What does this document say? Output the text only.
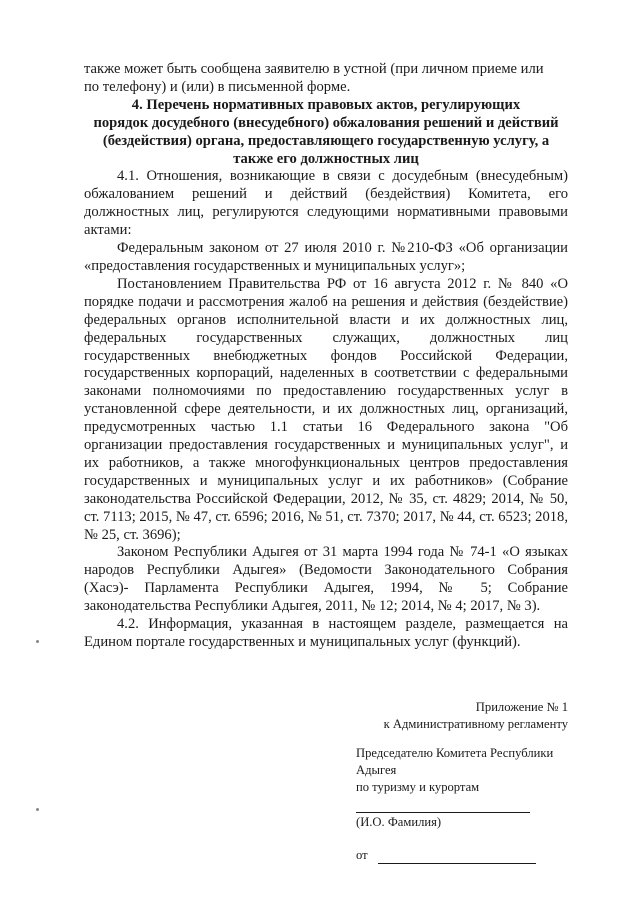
также может быть сообщена заявителю в устной (при личном приеме или
по телефону) и (или) в письменной форме.

4. Перечень нормативных правовых актов, регулирующих
порядок досудебного (внесудебного) обжалования решений и действий
(бездействия) органа, предоставляющего государственную услугу, а
также его должностных лиц

4.1. Отношения, возникающие в связи с досудебным (внесудебным) обжалованием решений и действий (бездействия) Комитета, его должностных лиц, регулируются следующими нормативными правовыми актами:

Федеральным законом от 27 июля 2010 г. №210-ФЗ «Об организации «предоставления государственных и муниципальных услуг»;

Постановлением Правительства РФ от 16 августа 2012 г. № 840 «О порядке подачи и рассмотрения жалоб на решения и действия (бездействие) федеральных органов исполнительной власти и их должностных лиц, федеральных государственных служащих, должностных лиц государственных внебюджетных фондов Российской Федерации, государственных корпораций, наделенных в соответствии с федеральными законами полномочиями по предоставлению государственных услуг в установленной сфере деятельности, и их должностных лиц, организаций, предусмотренных частью 1.1 статьи 16 Федерального закона "Об организации предоставления государственных и муниципальных услуг", и их работников, а также многофункциональных центров предоставления государственных и муниципальных услуг и их работников» (Собрание законодательства Российской Федерации, 2012, № 35, ст. 4829; 2014, № 50, ст. 7113; 2015, № 47, ст. 6596; 2016, № 51, ст. 7370; 2017, № 44, ст. 6523; 2018, № 25, ст. 3696);

Законом Республики Адыгея от 31 марта 1994 года № 74-1 «О языках народов Республики Адыгея» (Ведомости Законодательного Собрания (Хасэ)- Парламента Республики Адыгея, 1994, № 5; Собрание законодательства Республики Адыгея, 2011, № 12; 2014, № 4; 2017, № 3).

4.2. Информация, указанная в настоящем разделе, размещается на Едином портале государственных и муниципальных услуг (функций).

Приложение № 1
к Административному регламенту
Председателю Комитета Республики Адыгея
по туризму и курортам
(И.О. Фамилия)
от
